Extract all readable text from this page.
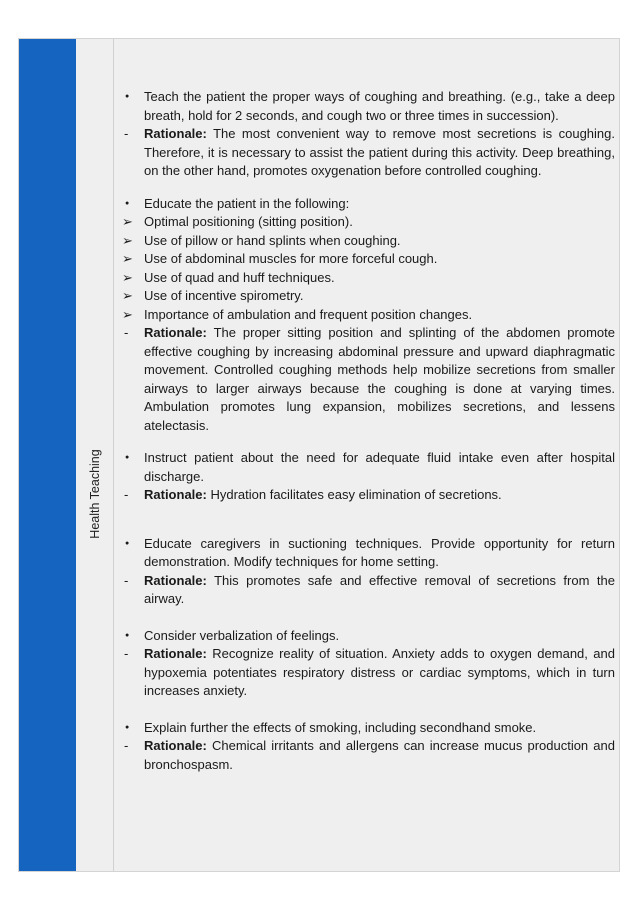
Health Teaching

Teach the patient the proper ways of coughing and breathing. (e.g., take a deep breath, hold for 2 seconds, and cough two or three times in succession).

Rationale: The most convenient way to remove most secretions is coughing. Therefore, it is necessary to assist the patient during this activity. Deep breathing, on the other hand, promotes oxygenation before controlled coughing.

Educate the patient in the following:

Optimal positioning (sitting position).

Use of pillow or hand splints when coughing.

Use of abdominal muscles for more forceful cough.

Use of quad and huff techniques.

Use of incentive spirometry.

Importance of ambulation and frequent position changes.

Rationale: The proper sitting position and splinting of the abdomen promote effective coughing by increasing abdominal pressure and upward diaphragmatic movement. Controlled coughing methods help mobilize secretions from smaller airways to larger airways because the coughing is done at varying times. Ambulation promotes lung expansion, mobilizes secretions, and lessens atelectasis.

Instruct patient about the need for adequate fluid intake even after hospital discharge.

Rationale: Hydration facilitates easy elimination of secretions.

Educate caregivers in suctioning techniques. Provide opportunity for return demonstration. Modify techniques for home setting.

Rationale: This promotes safe and effective removal of secretions from the airway.

Consider verbalization of feelings.

Rationale: Recognize reality of situation. Anxiety adds to oxygen demand, and hypoxemia potentiates respiratory distress or cardiac symptoms, which in turn increases anxiety.

Explain further the effects of smoking, including secondhand smoke.

Rationale: Chemical irritants and allergens can increase mucus production and bronchospasm.
